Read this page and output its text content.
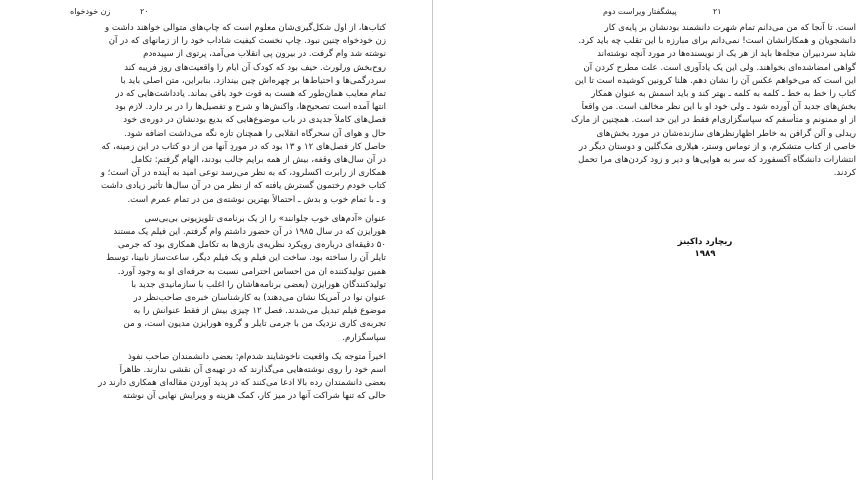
۲۰
زن خودخواه
کتاب‌ها، از اول شکل‌گیری‌شان معلوم است که چاپ‌های متوالی خواهند داشت و
زن خودخواه چنین نبود. چاپ نخست کیفیت شاداب خود را از زمانهای که در آن
نوشته شد وام گرفت. در بیرون پی انقلاب می‌آمد، پرتوی از سپیده‌دم
روح‌بخش ورلورث. حیف بود که کودک آن ایام را واقعیت‌های روز فریبه کند
سردرگمی‌ها و احتیاط‌ها بر چهره‌اش چین بیندازد. بنابراین، متن اصلی باید با
تمام معایب همان‌طور که هست به قوت خود باقی بماند. یادداشت‌هایی که در
انتها آمده است تصحیح‌ها، واکنش‌ها و شرح و تفصیل‌ها را در بر دارد. لازم بود
فصل‌های کاملاً جدیدی در باب موضوع‌هایی که بدیع بودنشان در دوره‌ی خود
حال و هوای آن سحرگاه انقلابی را همچنان تازه نگه می‌داشت اضافه شود.
حاصل کار فصل‌های ۱۲ و ۱۳ بود که در موردِ آنها من از دو کتاب در این زمینه، که
در آن سال‌های وقفه، بیش از همه برایم جالب بودند، الهام گرفتم: تکامل
همکاری از رابرت اکسلرود، که به نظر می‌رسد نوعی امید به آینده در آن است؛ و
کتاب خودم رختمون گسترش یافته که از نظر من در آن سال‌ها تأثیر زیادی داشت
و ـ با تمام خوب و بدش ـ احتمالاً بهترین نوشته‌ی من در تمام عمرم است.
عنوان «آدم‌های خوب جلوانند» را از یک برنامه‌ی تلویزیونی بی‌بی‌سی
هورایزن که در سال ۱۹۸۵ در آن حضور داشتم وام گرفتم. این فیلم یک مستند
۵۰ دقیقه‌ای درباره‌ی رویکرد نظریه‌ی بازی‌ها به تکامل همکاری بود که جرمی
تایلر آن را ساخته بود. ساخت این فیلم و یک فیلم دیگر، ساعت‌ساز نابینا، توسط
همین تولیدکننده ان من احساس احترامی نسبت به حرفه‌ای او به وجود آورد.
تولیدکنندگان هورایزن (بعضی برنامه‌هاشان را اغلب با سازمانیدی جدید با
عنوان نوا در آمریکا نشان می‌دهند) به کارشناسان خبره‌ی صاحب‌نظر در
موضوع فیلم تبدیل می‌شدند. فصل ۱۲ چیزی بیش از فقط عنوانش را به
تجربه‌ی کاری نزدیک من با جرمی تایلر و گروه هورایزن مدیون است، و من
سپاسگزارم.
اخیراً متوجه یک واقعیت ناخوشایند شدم‌ام: بعضی دانشمندان صاحب نفوذ
اسم خود را روی نوشته‌هایی می‌گذارند که در تهیه‌ی آن نقشی ندارند. ظاهراً
بعضی دانشمندان رده بالا ادعا می‌کنند که در پدید آوردن مقاله‌ای همکاری دارند در
حالی که تنها شراکت آنها در میز کار، کمک هزینه و ویرایش نهایی آن نوشته
۲۱
پیشگفتار ویراست دوم
است. تا آنجا که من می‌دانم تمام شهرت دانشمند بودنشان بر پایه‌ی کار
دانشجویان و همکارانشان است! نمی‌دانم برای مبارزه با این تقلب چه باید کرد.
شاید سردبیران مجله‌ها باید از هر یک از نویسنده‌ها در مورد آنچه نوشته‌اند
گواهی امضاشده‌ای بخواهند. ولی این یک یادآوری است. علت مطرح کردن آن
این است که می‌خواهم عکس آن را نشان دهم. هلنا کرونین کوشیده است تا این
کتاب را خط به خط ـ کلمه به کلمه ـ بهتر کند و باید اسمش به عنوان همکار
بخش‌های جدید آن آورده شود ـ ولی خود او با این نظر مخالف است. من واقعاً
از او ممنونم و متأسفم که سپاسگزاری‌ام فقط در این حد است. همچنین از مارک
ریدلی و آلن گرافن به خاطر اظهارنظرهای سازنده‌شان در مورد بخش‌های
خاصی از کتاب متشکرم، و از توماس وستر، هیلاری مک‌گلین و دوستان دیگر در
انتشارات دانشگاه آکسفورد که سر به هوایی‌ها و دیر و زود کردن‌های مرا تحمل
کردند.
ریچارد داکینز
۱۹۸۹
